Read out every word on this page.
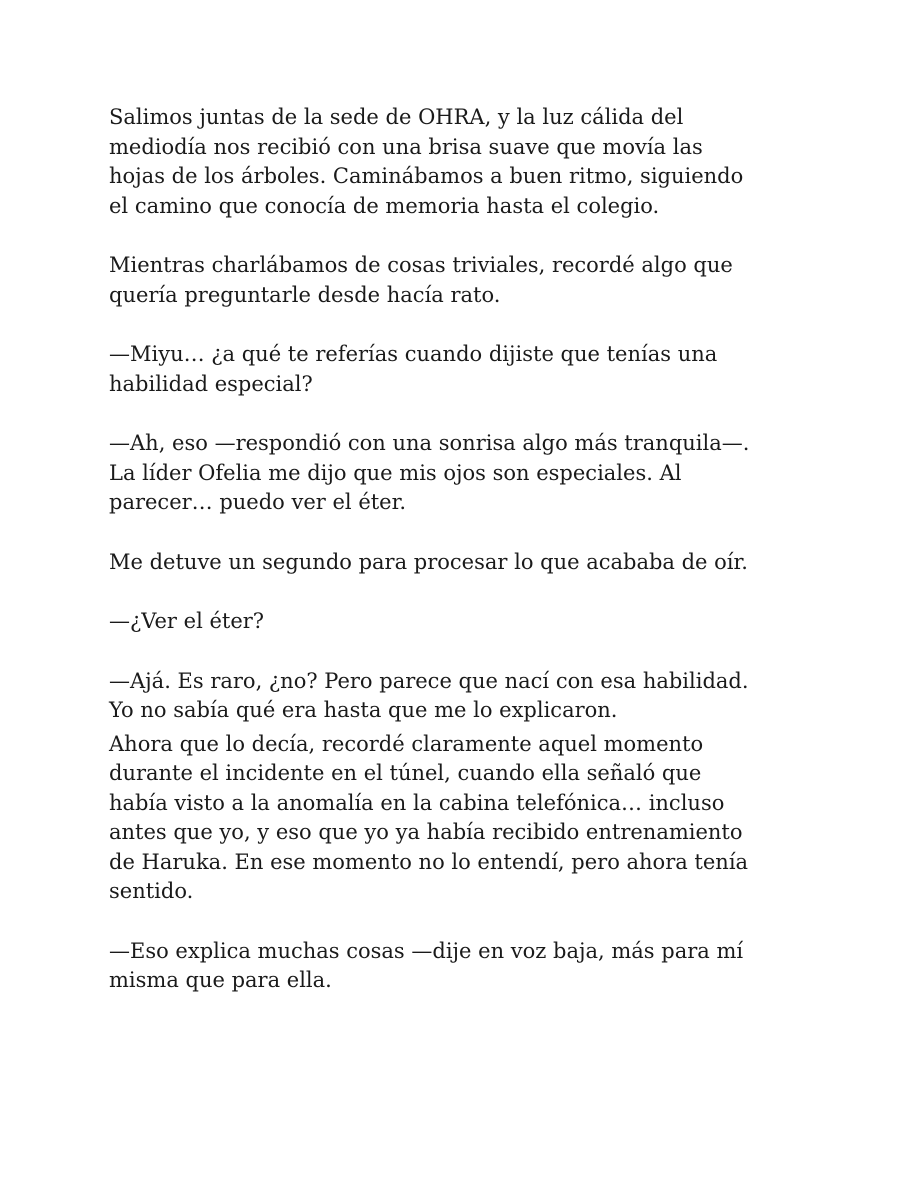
Salimos juntas de la sede de OHRA, y la luz cálida del
mediodía nos recibió con una brisa suave que movía las
hojas de los árboles. Caminábamos a buen ritmo, siguiendo
el camino que conocía de memoria hasta el colegio.

Mientras charlábamos de cosas triviales, recordé algo que
quería preguntarle desde hacía rato.

—Miyu… ¿a qué te referías cuando dijiste que tenías una
habilidad especial?

—Ah, eso —respondió con una sonrisa algo más tranquila—.
La líder Ofelia me dijo que mis ojos son especiales. Al
parecer… puedo ver el éter.

Me detuve un segundo para procesar lo que acababa de oír.

—¿Ver el éter?

—Ajá. Es raro, ¿no? Pero parece que nací con esa habilidad.
Yo no sabía qué era hasta que me lo explicaron.

Ahora que lo decía, recordé claramente aquel momento
durante el incidente en el túnel, cuando ella señaló que
había visto a la anomalía en la cabina telefónica… incluso
antes que yo, y eso que yo ya había recibido entrenamiento
de Haruka. En ese momento no lo entendí, pero ahora tenía
sentido.

—Eso explica muchas cosas —dije en voz baja, más para mí
misma que para ella.
